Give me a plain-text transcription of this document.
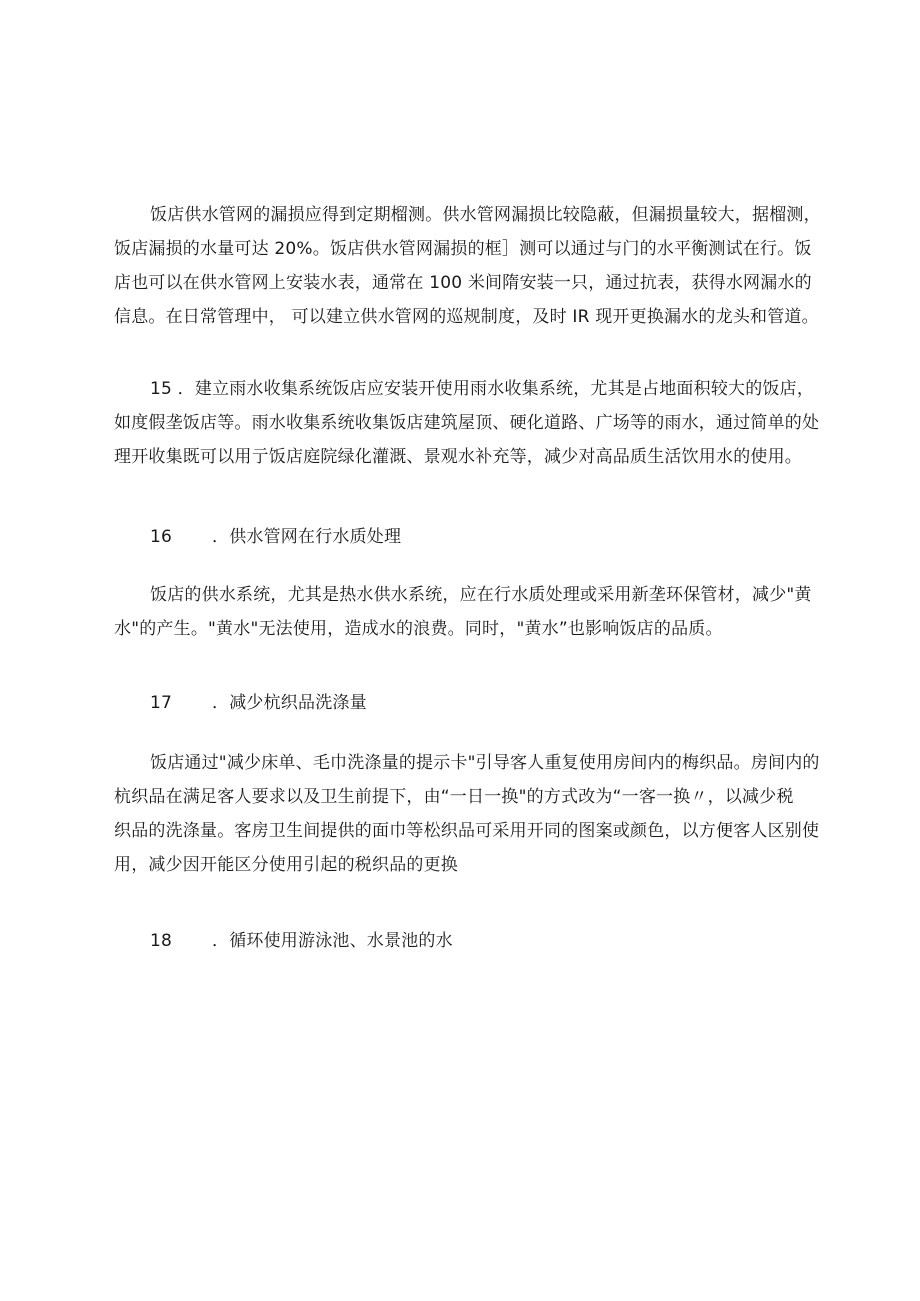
饭店供水管网的漏损应得到定期榴测。供水管网漏损比较隐蔽，但漏损量较大，据榴测，
饭店漏损的水量可达 20%。饭店供水管网漏损的框］测可以通过与门的水平衡测试在行。饭
店也可以在供水管网上安装水表，通常在 100 米间隋安装一只，通过抗表，获得水网漏水的
信息。在日常管理中， 可以建立供水管网的巡规制度，及时 IR 现开更换漏水的龙头和管道。
15 ．建立雨水收集系统饭店应安装开使用雨水收集系统，尤其是占地面积较大的饭店，
如度假垄饭店等。雨水收集系统收集饭店建筑屋顶、硬化道路、广场等的雨水，通过简单的处
理开收集既可以用亍饭店庭院绿化灌溉、景观水补充等，减少对高品质生活饮用水的使用。
16 ．供水管网在行水质处理
饭店的供水系统，尤其是热水供水系统，应在行水质处理或采用新垄环保管材，减少"黄
水"的产生。"黄水"无法使用，造成水的浪费。同时，"黄水”也影响饭店的品质。
17 ．减少杭织品洗涤量
饭店通过"减少床单、毛巾洗涤量的提示卡"引导客人重复使用房间内的梅织品。房间内的
杭织品在满足客人要求以及卫生前提下，由“一日一换"的方式改为“一客一换〃，以减少税
织品的洗涤量。客房卫生间提供的面巾等松织品可采用开同的图案或颜色，以方便客人区别使
用，减少因开能区分使用引起的税织品的更换
18 ．循环使用游泳池、水景池的水
